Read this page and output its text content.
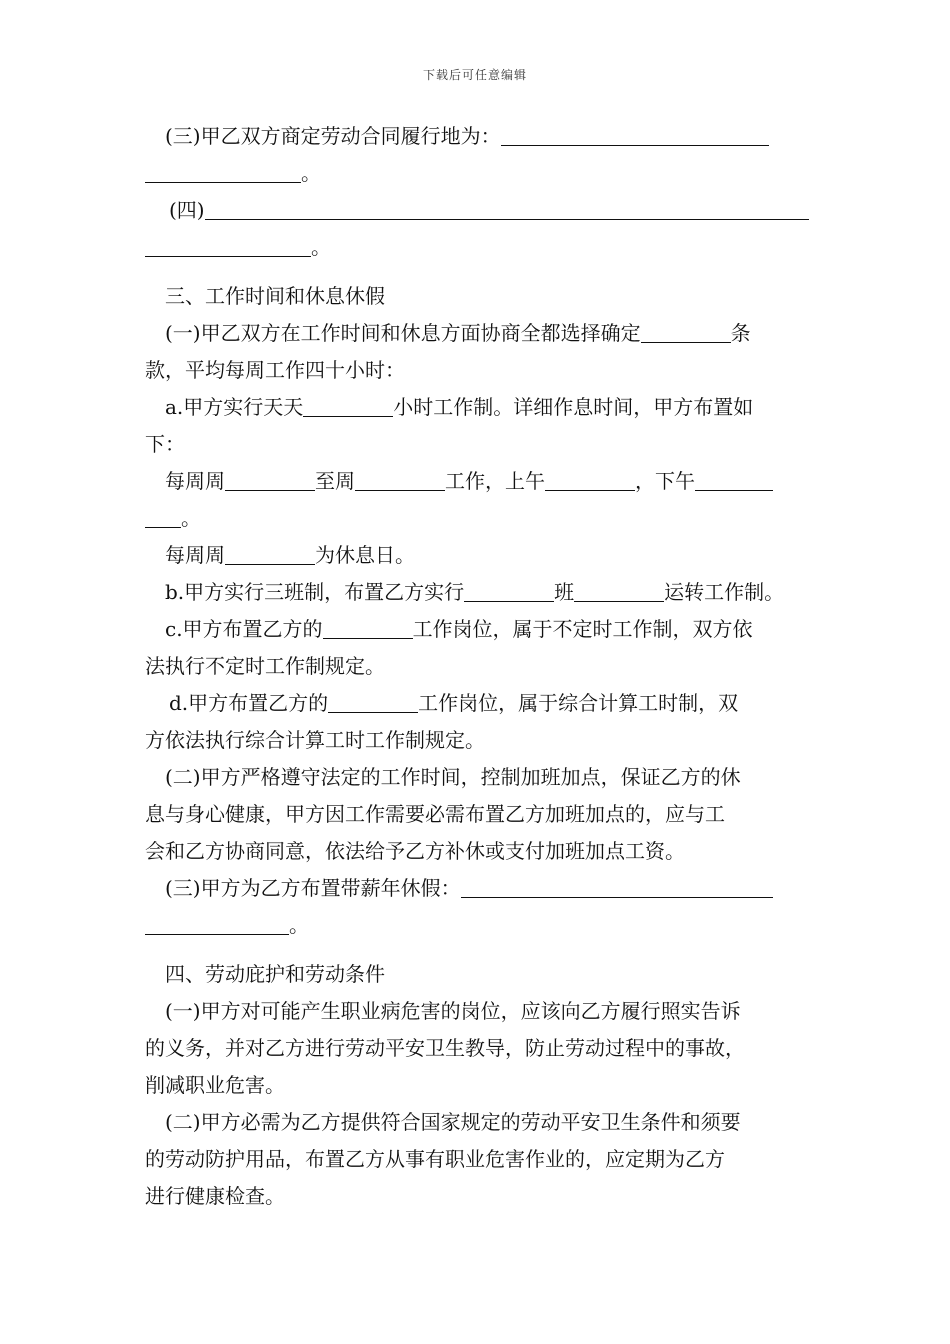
下载后可任意编辑
(三)甲乙双方商定劳动合同履行地为：
。
(四)
。
三、工作时间和休息休假
(一)甲乙双方在工作时间和休息方面协商全都选择确定	条
款，平均每周工作四十小时：
a.甲方实行天天	小时工作制。详细作息时间，甲方布置如
下：
每周周	至周	工作，上午	，下午
。
每周周	为休息日。
b.甲方实行三班制，布置乙方实行	班	运转工作制。
c.甲方布置乙方的	工作岗位，属于不定时工作制，双方依
法执行不定时工作制规定。
d.甲方布置乙方的	工作岗位，属于综合计算工时制，双
方依法执行综合计算工时工作制规定。
(二)甲方严格遵守法定的工作时间，控制加班加点，保证乙方的休
息与身心健康，甲方因工作需要必需布置乙方加班加点的，应与工
会和乙方协商同意，依法给予乙方补休或支付加班加点工资。
(三)甲方为乙方布置带薪年休假：
。
四、劳动庇护和劳动条件
(一)甲方对可能产生职业病危害的岗位，应该向乙方履行照实告诉
的义务，并对乙方进行劳动平安卫生教导，防止劳动过程中的事故，
削减职业危害。
(二)甲方必需为乙方提供符合国家规定的劳动平安卫生条件和须要
的劳动防护用品，布置乙方从事有职业危害作业的，应定期为乙方
进行健康检查。
